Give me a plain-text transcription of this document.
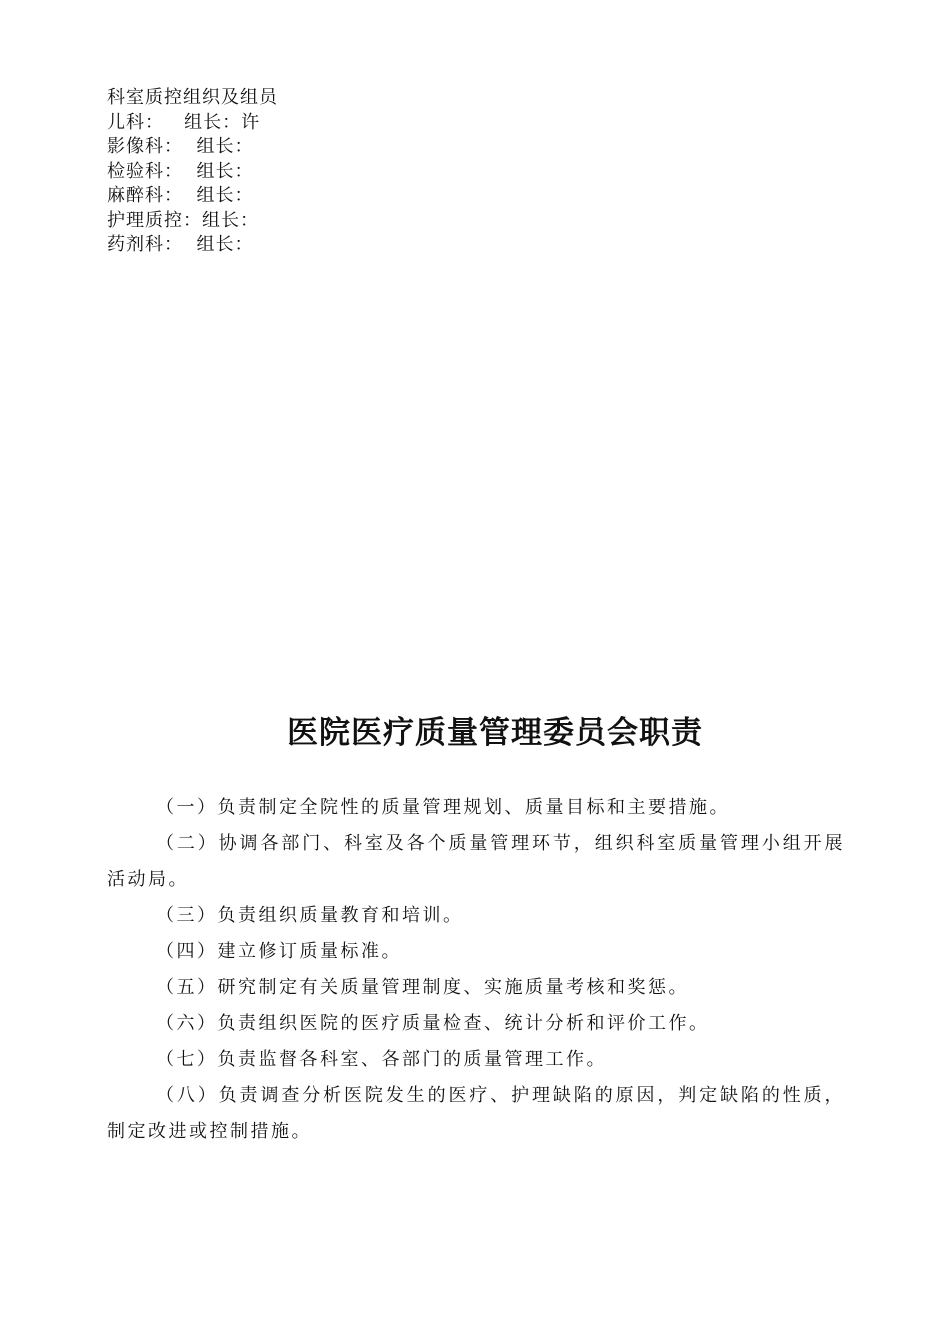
科室质控组织及组员
儿科：   组长：许
影像科：  组长：
检验科：  组长：
麻醉科：  组长：
护理质控：组长：
药剂科：  组长：
医院医疗质量管理委员会职责

（一）负责制定全院性的质量管理规划、质量目标和主要措施。

（二）协调各部门、科室及各个质量管理环节，组织科室质量管理小组开展活动局。

（三）负责组织质量教育和培训。

（四）建立修订质量标准。

（五）研究制定有关质量管理制度、实施质量考核和奖惩。

（六）负责组织医院的医疗质量检查、统计分析和评价工作。

（七）负责监督各科室、各部门的质量管理工作。

（八）负责调查分析医院发生的医疗、护理缺陷的原因，判定缺陷的性质，制定改进或控制措施。
